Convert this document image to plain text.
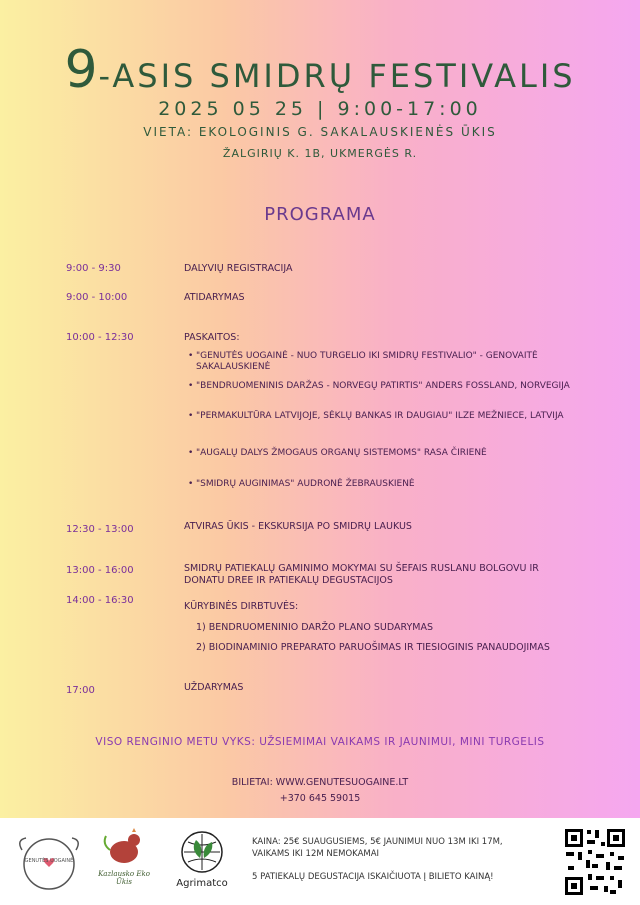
9-ASIS SMIDRŲ FESTIVALIS
2025 05 25 | 9:00-17:00
VIETA: EKOLOGINIS G. SAKALAUSKIENĖS ŪKIS
ŽALGIRIŲ K. 1B, UKMERGĖS R.
PROGRAMA
9:00 - 9:30	DALYVIŲ REGISTRACIJA
9:00 - 10:00	ATIDARYMAS
10:00 - 12:30	PASKAITOS:
• "GENUTĖS UOGAINĖ - NUO TURGELIO IKI SMIDRŲ FESTIVALIO" - GENOVAITĖ SAKALAUSKIENĖ
• "BENDRUOMENINIS DARŽAS - NORVEGŲ PATIRTIS" ANDERS FOSSLAND, NORVEGIJA
• "PERMAKULTŪRA LATVIJOJE, SĖKLŲ BANKAS IR DAUGIAU" ILZE MEŽNIECE, LATVIJA
• "AUGALŲ DALYS ŽMOGAUS ORGANŲ SISTEMOMS" RASA ČIRIENĖ
• "SMIDRŲ AUGINIMAS" AUDRONĖ ŽEBRAUSKIENĖ
12:30 - 13:00	ATVIRAS ŪKIS - EKSKURSIJA PO SMIDRŲ LAUKUS
13:00 - 16:00	SMIDRŲ PATIEKALŲ GAMINIMO MOKYMAI SU ŠEFAIS RUSLANU BOLGOVU IR DONATU DREE IR PATIEKALŲ DEGUSTACIJOS
14:00 - 16:30
KŪRYBINĖS DIRBTUVĖS:
1) BENDRUOMENINIO DARŽO PLANO SUDARYMAS
2) BIODINAMINIO PREPARATO PARUOŠIMAS IR TIESIOGINIS PANAUDOJIMAS
17:00	UŽDARYMAS
VISO RENGINIO METU VYKS: UŽSIEMIMAI VAIKAMS IR JAUNIMUI, MINI TURGELIS
BILIETAI: WWW.GENUTESUOGAINE.LT
+370 645 59015
GENUTĖS UOGAINĖ
Kazlausko Eko Ūkis	Agrimatco
KAINA: 25€ SUAUGUSIEMS, 5€ JAUNIMUI NUO 13M IKI 17M,
VAIKAMS IKI 12M NEMOKAMAI
5 PATIEKALŲ DEGUSTACIJA ISKAIČIUOTA Į BILIETO KAINĄ!
